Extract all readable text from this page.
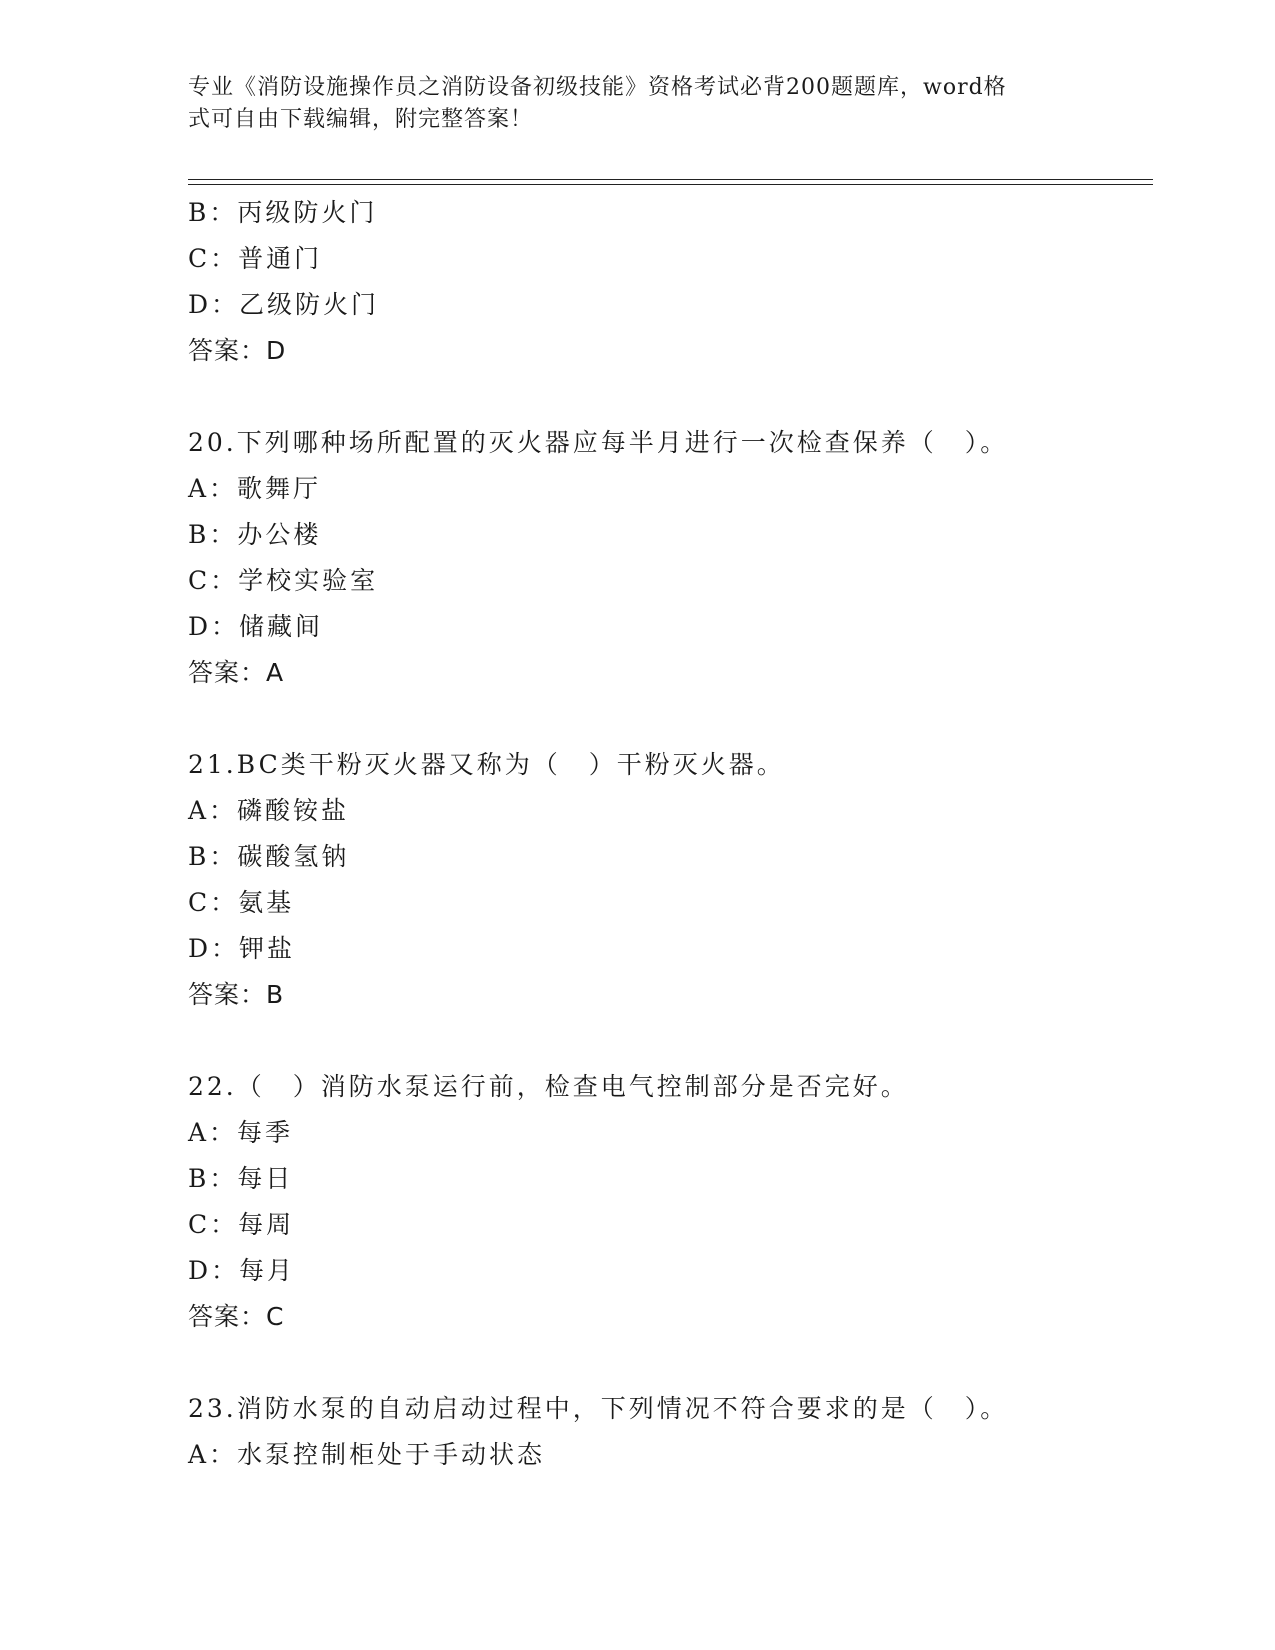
专业《消防设施操作员之消防设备初级技能》资格考试必背200题题库，word格
式可自由下载编辑，附完整答案！
B：丙级防火门
C：普通门
D：乙级防火门
答案：D
20.下列哪种场所配置的灭火器应每半月进行一次检查保养（　）。
A：歌舞厅
B：办公楼
C：学校实验室
D：储藏间
答案：A
21.BC类干粉灭火器又称为（　）干粉灭火器。
A：磷酸铵盐
B：碳酸氢钠
C：氨基
D：钾盐
答案：B
22.（　）消防水泵运行前，检查电气控制部分是否完好。
A：每季
B：每日
C：每周
D：每月
答案：C
23.消防水泵的自动启动过程中，下列情况不符合要求的是（　）。
A：水泵控制柜处于手动状态
